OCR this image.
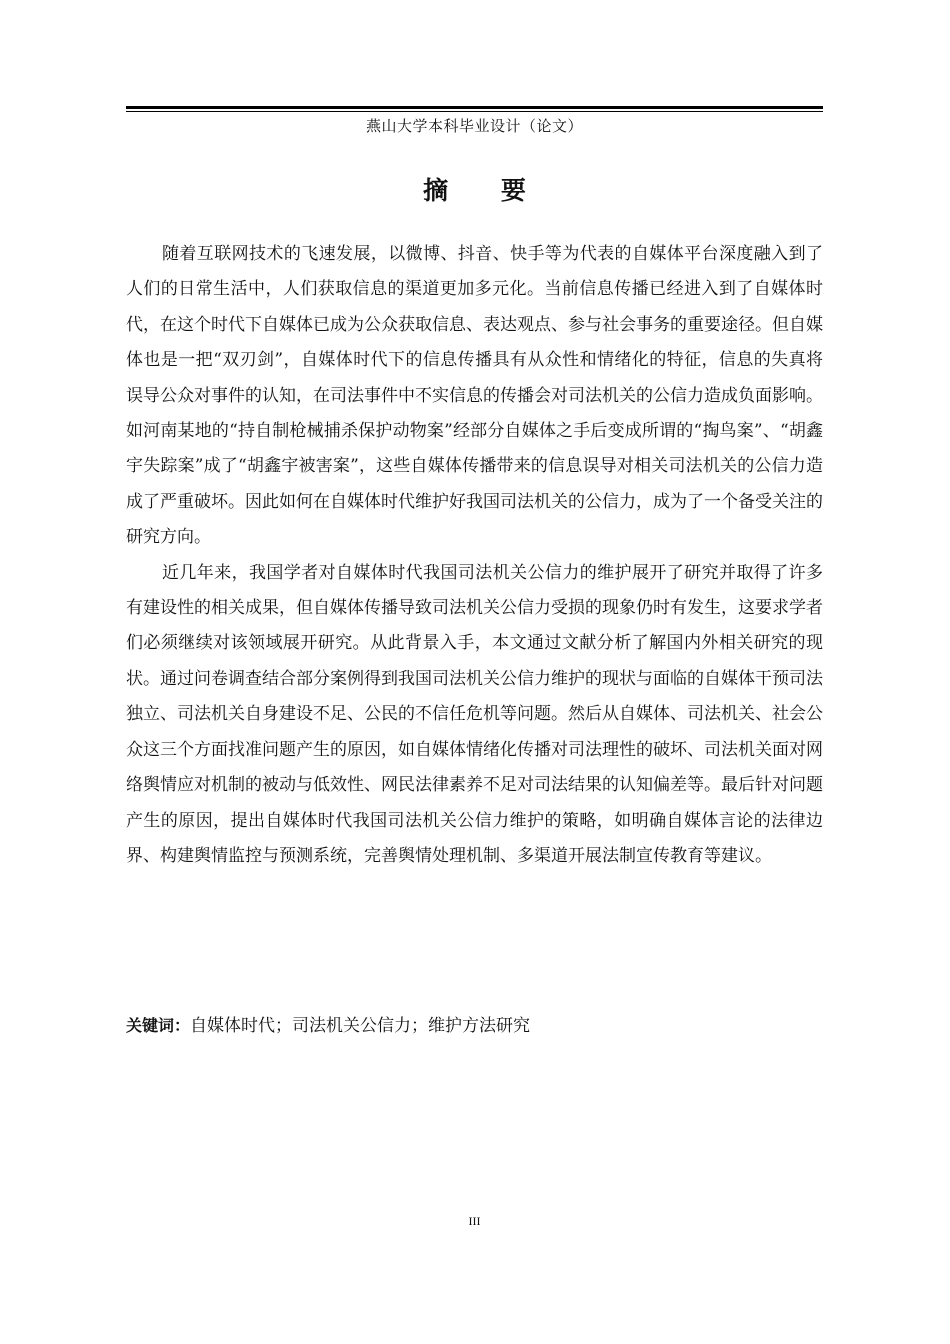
燕山大学本科毕业设计（论文）
摘 要

随着互联网技术的飞速发展，以微博、抖音、快手等为代表的自媒体平台深度融入到了人们的日常生活中，人们获取信息的渠道更加多元化。当前信息传播已经进入到了自媒体时代，在这个时代下自媒体已成为公众获取信息、表达观点、参与社会事务的重要途径。但自媒体也是一把“双刃剑”，自媒体时代下的信息传播具有从众性和情绪化的特征，信息的失真将误导公众对事件的认知，在司法事件中不实信息的传播会对司法机关的公信力造成负面影响。如河南某地的“持自制枪械捕杀保护动物案”经部分自媒体之手后变成所谓的“掏鸟案”、“胡鑫宇失踪案”成了“胡鑫宇被害案”，这些自媒体传播带来的信息误导对相关司法机关的公信力造成了严重破坏。因此如何在自媒体时代维护好我国司法机关的公信力，成为了一个备受关注的研究方向。

近几年来，我国学者对自媒体时代我国司法机关公信力的维护展开了研究并取得了许多有建设性的相关成果，但自媒体传播导致司法机关公信力受损的现象仍时有发生，这要求学者们必须继续对该领域展开研究。从此背景入手，本文通过文献分析了解国内外相关研究的现状。通过问卷调查结合部分案例得到我国司法机关公信力维护的现状与面临的自媒体干预司法独立、司法机关自身建设不足、公民的不信任危机等问题。然后从自媒体、司法机关、社会公众这三个方面找准问题产生的原因，如自媒体情绪化传播对司法理性的破坏、司法机关面对网络舆情应对机制的被动与低效性、网民法律素养不足对司法结果的认知偏差等。最后针对问题产生的原因，提出自媒体时代我国司法机关公信力维护的策略，如明确自媒体言论的法律边界、构建舆情监控与预测系统，完善舆情处理机制、多渠道开展法制宣传教育等建议。

关键词：自媒体时代；司法机关公信力；维护方法研究
III
